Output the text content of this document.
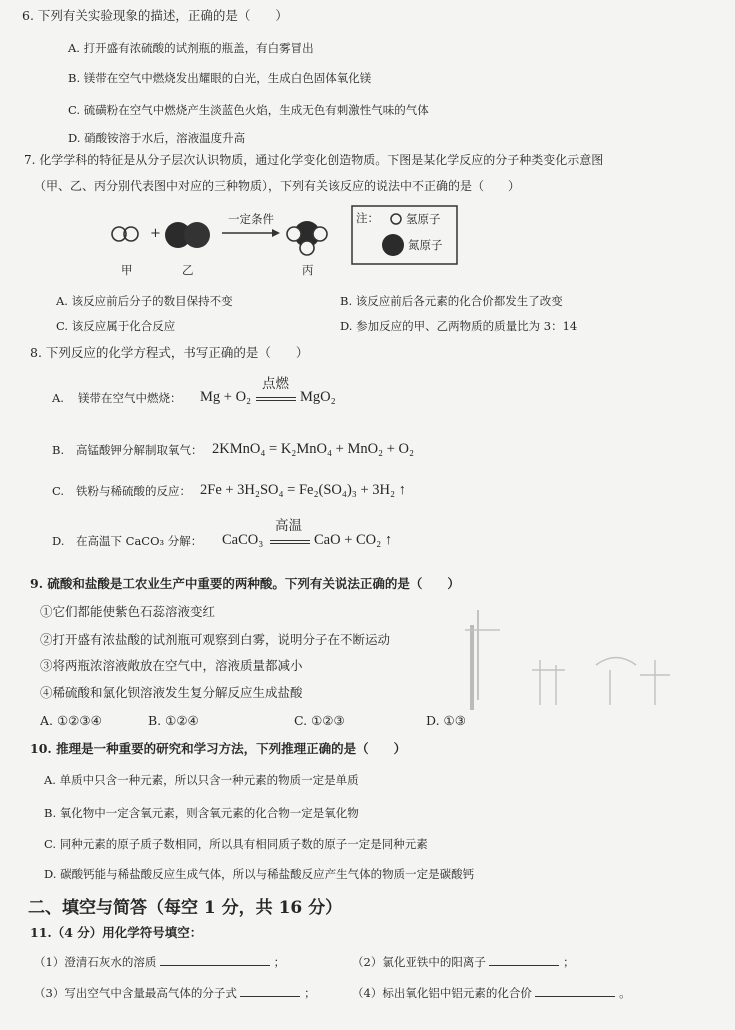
6. 下列有关实验现象的描述，正确的是（　　）
A. 打开盛有浓硫酸的试剂瓶的瓶盖，有白雾冒出
B. 镁带在空气中燃烧发出耀眼的白光，生成白色固体氧化镁
C. 硫磺粉在空气中燃烧产生淡蓝色火焰，生成无色有刺激性气味的气体
D. 硝酸铵溶于水后，溶液温度升高
7. 化学学科的特征是从分子层次认识物质，通过化学变化创造物质。下图是某化学反应的分子种类变化示意图
（甲、乙、丙分别代表图中对应的三种物质），下列有关该反应的说法中不正确的是（　　）
+
一定条件	注： 氢原子
氮原子
甲	乙	丙
A. 该反应前后分子的数目保持不变	B. 该反应前后各元素的化合价都发生了改变
C. 该反应属于化合反应	D. 参加反应的甲、乙两物质的质量比为 3：14
8. 下列反应的化学方程式，书写正确的是（　　）
A. 镁带在空气中燃烧： Mg + O₂
点燃
MgO₂
B. 高锰酸钾分解制取氧气： 2KMnO₄ = K₂MnO₄ + MnO₂ + O₂
C. 铁粉与稀硫酸的反应： 2Fe + 3H₂SO₄ = Fe₂(SO₄)₃ + 3H₂ ↑
D. 在高温下 CaCO₃ 分解： CaCO₃
高温
CaO + CO₂ ↑
9. 硫酸和盐酸是工农业生产中重要的两种酸。下列有关说法正确的是（　　）
①它们都能使紫色石蕊溶液变红
②打开盛有浓盐酸的试剂瓶可观察到白雾，说明分子在不断运动
③将两瓶浓溶液敞放在空气中，溶液质量都减小
④稀硫酸和氯化钡溶液发生复分解反应生成盐酸
A. ①②③④	B. ①②④	C. ①②③	D. ①③
10. 推理是一种重要的研究和学习方法，下列推理正确的是（　　）
A. 单质中只含一种元素，所以只含一种元素的物质一定是单质
B. 氧化物中一定含氧元素，则含氧元素的化合物一定是氧化物
C. 同种元素的原子质子数相同，所以具有相同质子数的原子一定是同种元素
D. 碳酸钙能与稀盐酸反应生成气体，所以与稀盐酸反应产生气体的物质一定是碳酸钙
二、填空与简答（每空 1 分，共 16 分）
11.（4 分）用化学符号填空：
（1）澄清石灰水的溶质	；	（2）氯化亚铁中的阳离子	；
（3）写出空气中含量最高气体的分子式	；	（4）标出氧化铝中铝元素的化合价	。
